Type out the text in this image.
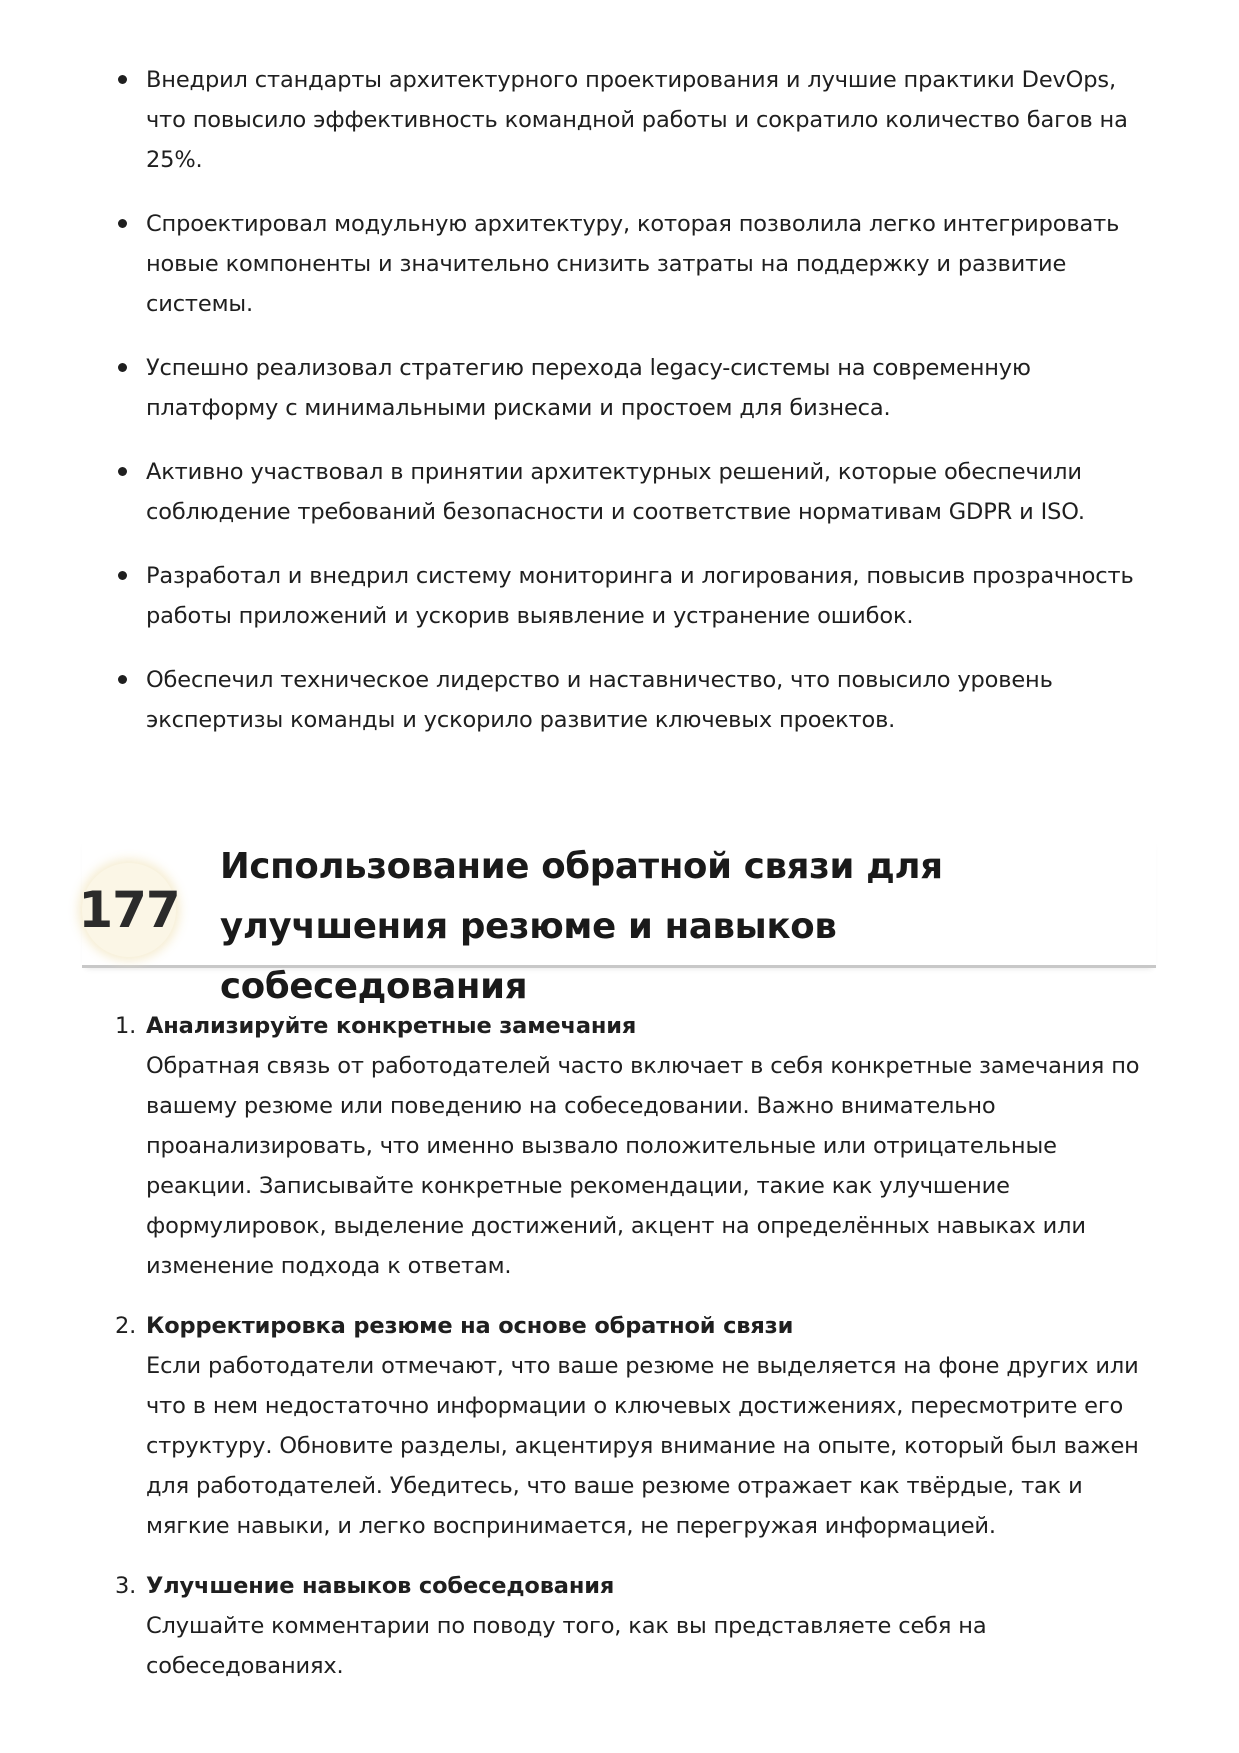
Внедрил стандарты архитектурного проектирования и лучшие практики DevOps, что повысило эффективность командной работы и сократило количество багов на 25%.
Спроектировал модульную архитектуру, которая позволила легко интегрировать новые компоненты и значительно снизить затраты на поддержку и развитие системы.
Успешно реализовал стратегию перехода legacy-системы на современную платформу с минимальными рисками и простоем для бизнеса.
Активно участвовал в принятии архитектурных решений, которые обеспечили соблюдение требований безопасности и соответствие нормативам GDPR и ISO.
Разработал и внедрил систему мониторинга и логирования, повысив прозрачность работы приложений и ускорив выявление и устранение ошибок.
Обеспечил техническое лидерство и наставничество, что повысило уровень экспертизы команды и ускорило развитие ключевых проектов.
177
Использование обратной связи для улучшения резюме и навыков собеседования
1. Анализируйте конкретные замечания
Обратная связь от работодателей часто включает в себя конкретные замечания по вашему резюме или поведению на собеседовании. Важно внимательно проанализировать, что именно вызвало положительные или отрицательные реакции. Записывайте конкретные рекомендации, такие как улучшение формулировок, выделение достижений, акцент на определённых навыках или изменение подхода к ответам.
2. Корректировка резюме на основе обратной связи
Если работодатели отмечают, что ваше резюме не выделяется на фоне других или что в нем недостаточно информации о ключевых достижениях, пересмотрите его структуру. Обновите разделы, акцентируя внимание на опыте, который был важен для работодателей. Убедитесь, что ваше резюме отражает как твёрдые, так и мягкие навыки, и легко воспринимается, не перегружая информацией.
3. Улучшение навыков собеседования
Слушайте комментарии по поводу того, как вы представляете себя на собеседованиях.
